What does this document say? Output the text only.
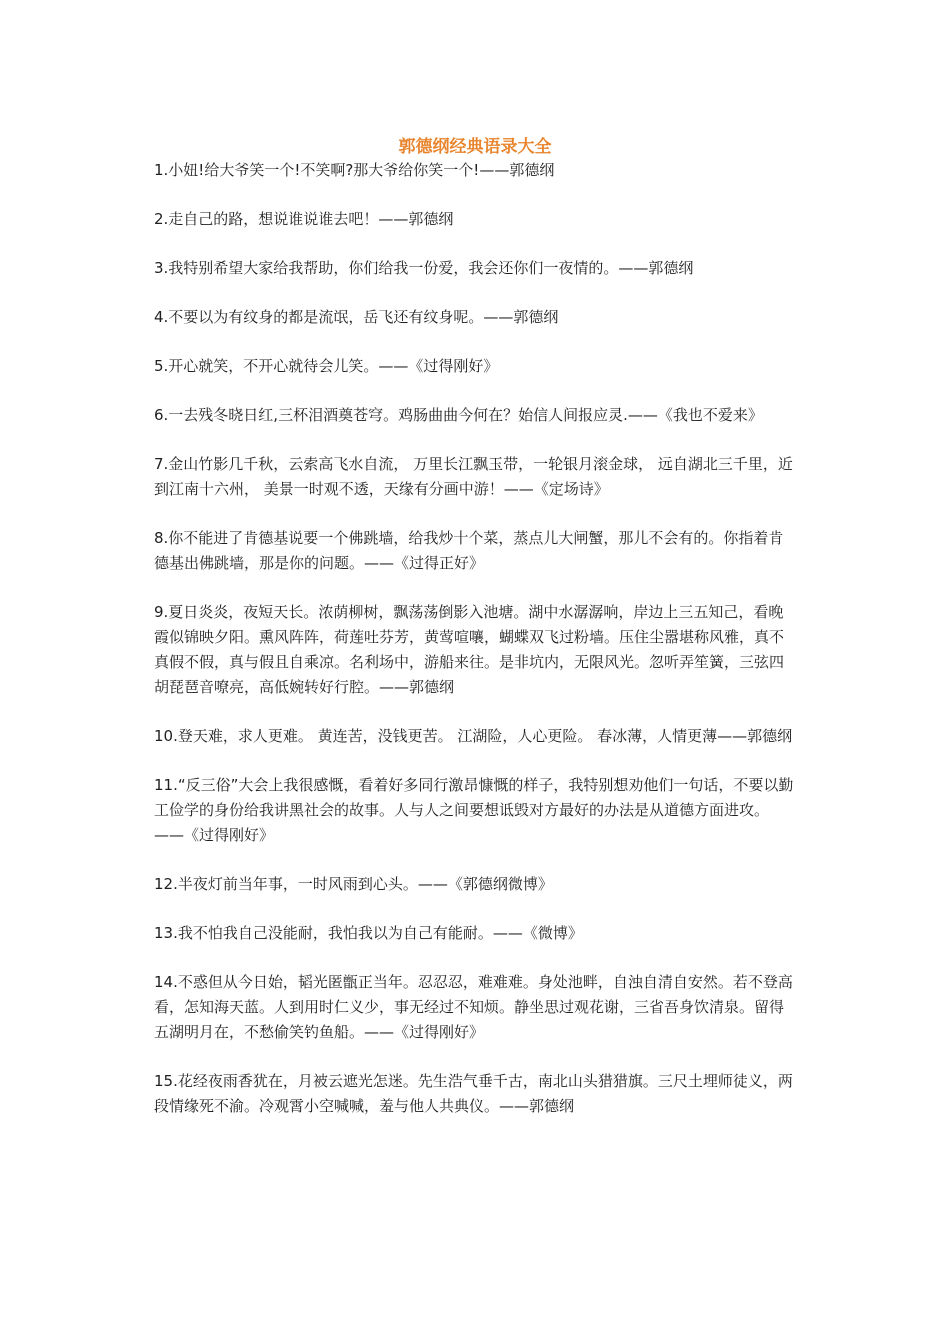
郭德纲经典语录大全
1.小妞!给大爷笑一个!不笑啊?那大爷给你笑一个!——郭德纲
2.走自己的路，想说谁说谁去吧！——郭德纲
3.我特别希望大家给我帮助，你们给我一份爱，我会还你们一夜情的。——郭德纲
4.不要以为有纹身的都是流氓，岳飞还有纹身呢。——郭德纲
5.开心就笑，不开心就待会儿笑。——《过得刚好》
6.一去残冬晓日红,三杯泪酒奠苍穹。鸡肠曲曲今何在？始信人间报应灵.——《我也不爱来》
7.金山竹影几千秋，云索高飞水自流， 万里长江飘玉带，一轮银月滚金球， 远自湖北三千里，近到江南十六州， 美景一时观不透，天缘有分画中游！——《定场诗》
8.你不能进了肯德基说要一个佛跳墙，给我炒十个菜，蒸点儿大闸蟹，那儿不会有的。你指着肯德基出佛跳墙，那是你的问题。——《过得正好》
9.夏日炎炎，夜短天长。浓荫柳树，飘荡荡倒影入池塘。湖中水潺潺响，岸边上三五知己，看晚霞似锦映夕阳。熏风阵阵，荷莲吐芬芳，黄莺喧嚷，蝴蝶双飞过粉墙。压住尘嚣堪称风雅，真不真假不假，真与假且自乘凉。名利场中，游船来往。是非坑内，无限风光。忽听弄笙簧，三弦四胡琵琶音嘹亮，高低婉转好行腔。——郭德纲
10.登天难，求人更难。 黄连苦，没钱更苦。 江湖险，人心更险。 春冰薄，人情更薄——郭德纲
11.“反三俗”大会上我很感慨，看着好多同行激昂慷慨的样子，我特别想劝他们一句话，不要以勤工俭学的身份给我讲黑社会的故事。人与人之间要想诋毁对方最好的办法是从道德方面进攻。——《过得刚好》
12.半夜灯前当年事，一时风雨到心头。——《郭德纲微博》
13.我不怕我自己没能耐，我怕我以为自己有能耐。——《微博》
14.不惑但从今日始，韬光匿甑正当年。忍忍忍，难难难。身处池畔，自浊自清自安然。若不登高看，怎知海天蓝。人到用时仁义少，事无经过不知烦。静坐思过观花谢，三省吾身饮清泉。留得五湖明月在，不愁偷笑钓鱼船。——《过得刚好》
15.花经夜雨香犹在，月被云遮光怎迷。先生浩气垂千古，南北山头猎猎旗。三尺土埋师徒义，两段情缘死不渝。冷观霄小空喊喊，羞与他人共典仪。——郭德纲
